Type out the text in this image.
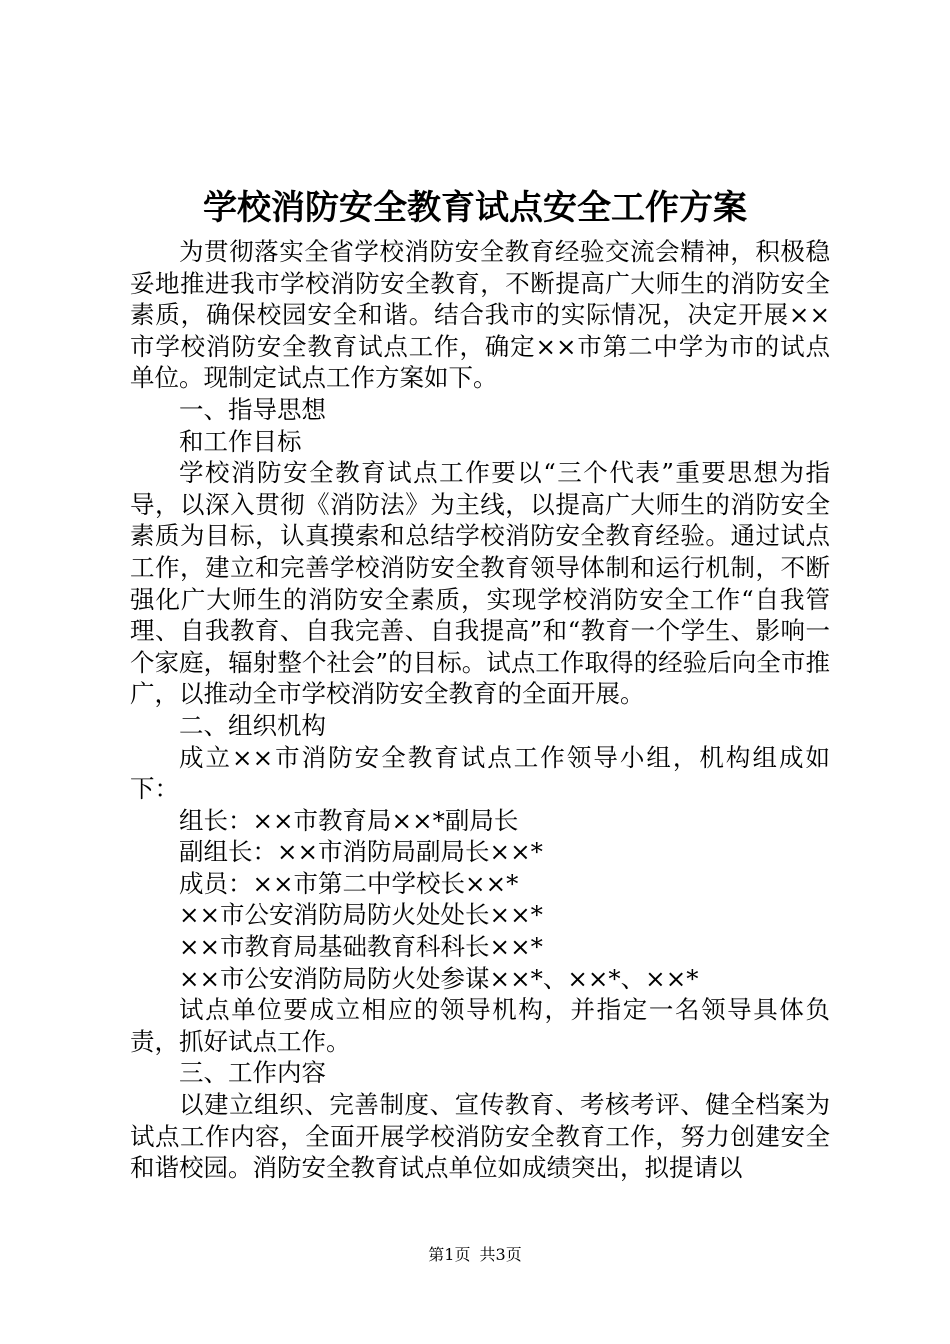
学校消防安全教育试点安全工作方案

为贯彻落实全省学校消防安全教育经验交流会精神，积极稳妥地推进我市学校消防安全教育，不断提高广大师生的消防安全素质，确保校园安全和谐。结合我市的实际情况，决定开展××市学校消防安全教育试点工作，确定××市第二中学为市的试点单位。现制定试点工作方案如下。

一、指导思想

和工作目标

学校消防安全教育试点工作要以“三个代表”重要思想为指导，以深入贯彻《消防法》为主线，以提高广大师生的消防安全素质为目标，认真摸索和总结学校消防安全教育经验。通过试点工作，建立和完善学校消防安全教育领导体制和运行机制，不断强化广大师生的消防安全素质，实现学校消防安全工作“自我管理、自我教育、自我完善、自我提高”和“教育一个学生、影响一个家庭，辐射整个社会”的目标。试点工作取得的经验后向全市推广，以推动全市学校消防安全教育的全面开展。

二、组织机构

成立××市消防安全教育试点工作领导小组，机构组成如下：

组长：××市教育局××*副局长

副组长：××市消防局副局长××*

成员：××市第二中学校长××*

××市公安消防局防火处处长××*

××市教育局基础教育科科长××*

××市公安消防局防火处参谋××*、××*、××*

试点单位要成立相应的领导机构，并指定一名领导具体负责，抓好试点工作。

三、工作内容

以建立组织、完善制度、宣传教育、考核考评、健全档案为试点工作内容，全面开展学校消防安全教育工作，努力创建安全和谐校园。消防安全教育试点单位如成绩突出，拟提请以

第1页 共3页
